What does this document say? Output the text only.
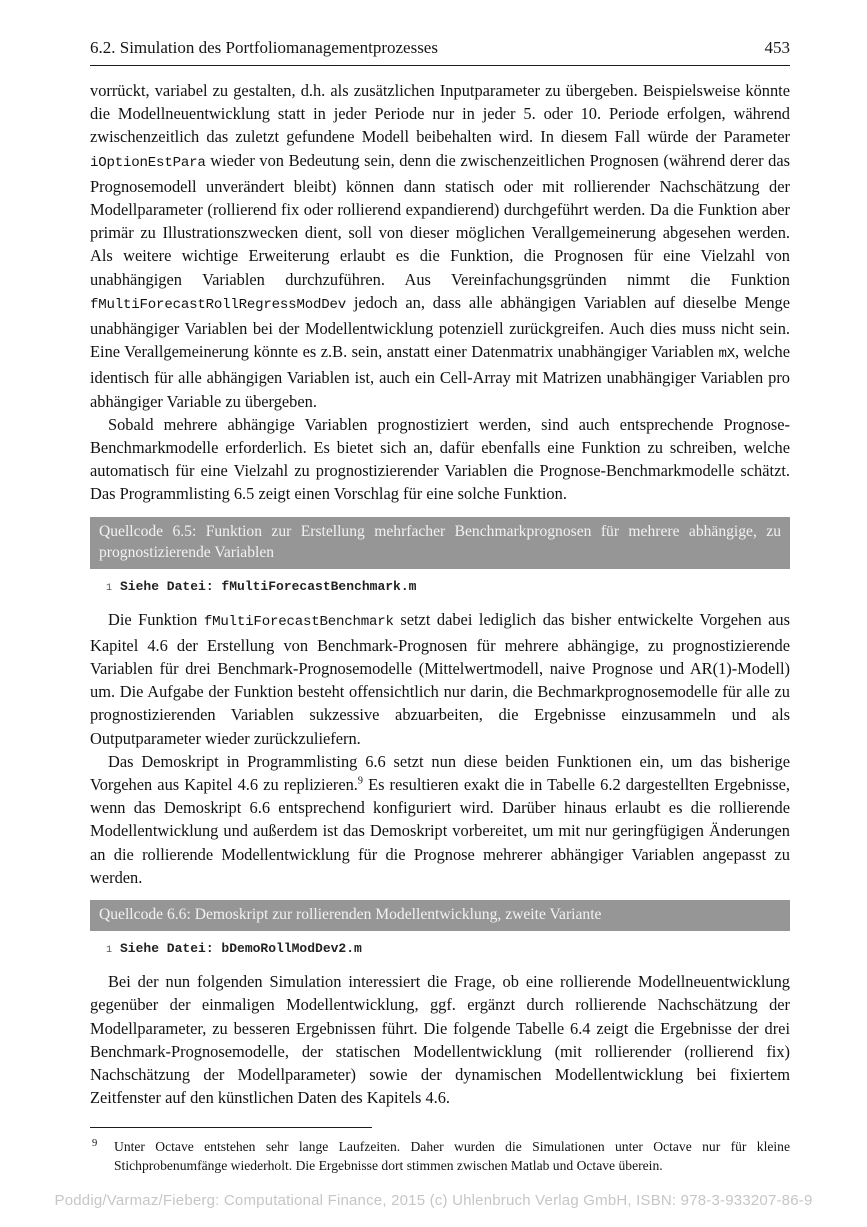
6.2. Simulation des Portfoliomanagementprozesses	453

vorrückt, variabel zu gestalten, d.h. als zusätzlichen Inputparameter zu übergeben. Beispielsweise könnte die Modellneuentwicklung statt in jeder Periode nur in jeder 5. oder 10. Periode erfolgen, während zwischenzeitlich das zuletzt gefundene Modell beibehalten wird. In diesem Fall würde der Parameter iOptionEstPara wieder von Bedeutung sein, denn die zwischenzeitlichen Prognosen (während derer das Prognosemodell unverändert bleibt) können dann statisch oder mit rollierender Nachschätzung der Modellparameter (rollierend fix oder rollierend expandierend) durchgeführt werden. Da die Funktion aber primär zu Illustrationszwecken dient, soll von dieser möglichen Verallgemeinerung abgesehen werden. Als weitere wichtige Erweiterung erlaubt es die Funktion, die Prognosen für eine Vielzahl von unabhängigen Variablen durchzuführen. Aus Vereinfachungsgründen nimmt die Funktion fMultiForecastRollRegressModDev jedoch an, dass alle abhängigen Variablen auf dieselbe Menge unabhängiger Variablen bei der Modellentwicklung potenziell zurückgreifen. Auch dies muss nicht sein. Eine Verallgemeinerung könnte es z.B. sein, anstatt einer Datenmatrix unabhängiger Variablen mX, welche identisch für alle abhängigen Variablen ist, auch ein Cell-Array mit Matrizen unabhängiger Variablen pro abhängiger Variable zu übergeben.

Sobald mehrere abhängige Variablen prognostiziert werden, sind auch entsprechende Prognose-Benchmarkmodelle erforderlich. Es bietet sich an, dafür ebenfalls eine Funktion zu schreiben, welche automatisch für eine Vielzahl zu prognostizierender Variablen die Prognose-Benchmarkmodelle schätzt. Das Programmlisting 6.5 zeigt einen Vorschlag für eine solche Funktion.

Quellcode 6.5: Funktion zur Erstellung mehrfacher Benchmarkprognosen für mehrere abhängige, zu prognostizierende Variablen
1 Siehe Datei: fMultiForecastBenchmark.m

Die Funktion fMultiForecastBenchmark setzt dabei lediglich das bisher entwickelte Vorgehen aus Kapitel 4.6 der Erstellung von Benchmark-Prognosen für mehrere abhängige, zu prognostizierende Variablen für drei Benchmark-Prognosemodelle (Mittelwertmodell, naive Prognose und AR(1)-Modell) um. Die Aufgabe der Funktion besteht offensichtlich nur darin, die Bechmarkprognosemodelle für alle zu prognostizierenden Variablen sukzessive abzuarbeiten, die Ergebnisse einzusammeln und als Outputparameter wieder zurückzuliefern.

Das Demoskript in Programmlisting 6.6 setzt nun diese beiden Funktionen ein, um das bisherige Vorgehen aus Kapitel 4.6 zu replizieren.$^9$ Es resultieren exakt die in Tabelle 6.2 dargestellten Ergebnisse, wenn das Demoskript 6.6 entsprechend konfiguriert wird. Darüber hinaus erlaubt es die rollierende Modellentwicklung und außerdem ist das Demoskript vorbereitet, um mit nur geringfügigen Änderungen an die rollierende Modellentwicklung für die Prognose mehrerer abhängiger Variablen angepasst zu werden.

Quellcode 6.6: Demoskript zur rollierenden Modellentwicklung, zweite Variante
1 Siehe Datei: bDemoRollModDev2.m

Bei der nun folgenden Simulation interessiert die Frage, ob eine rollierende Modellneuentwicklung gegenüber der einmaligen Modellentwicklung, ggf. ergänzt durch rollierende Nachschätzung der Modellparameter, zu besseren Ergebnissen führt. Die folgende Tabelle 6.4 zeigt die Ergebnisse der drei Benchmark-Prognosemodelle, der statischen Modellentwicklung (mit rollierender (rollierend fix) Nachschätzung der Modellparameter) sowie der dynamischen Modellentwicklung bei fixiertem Zeitfenster auf den künstlichen Daten des Kapitels 4.6.

9 Unter Octave entstehen sehr lange Laufzeiten. Daher wurden die Simulationen unter Octave nur für kleine Stichprobenumfänge wiederholt. Die Ergebnisse dort stimmen zwischen Matlab und Octave überein.
Poddig/Varmaz/Fieberg: Computational Finance, 2015 (c) Uhlenbruch Verlag GmbH, ISBN: 978-3-933207-86-9
